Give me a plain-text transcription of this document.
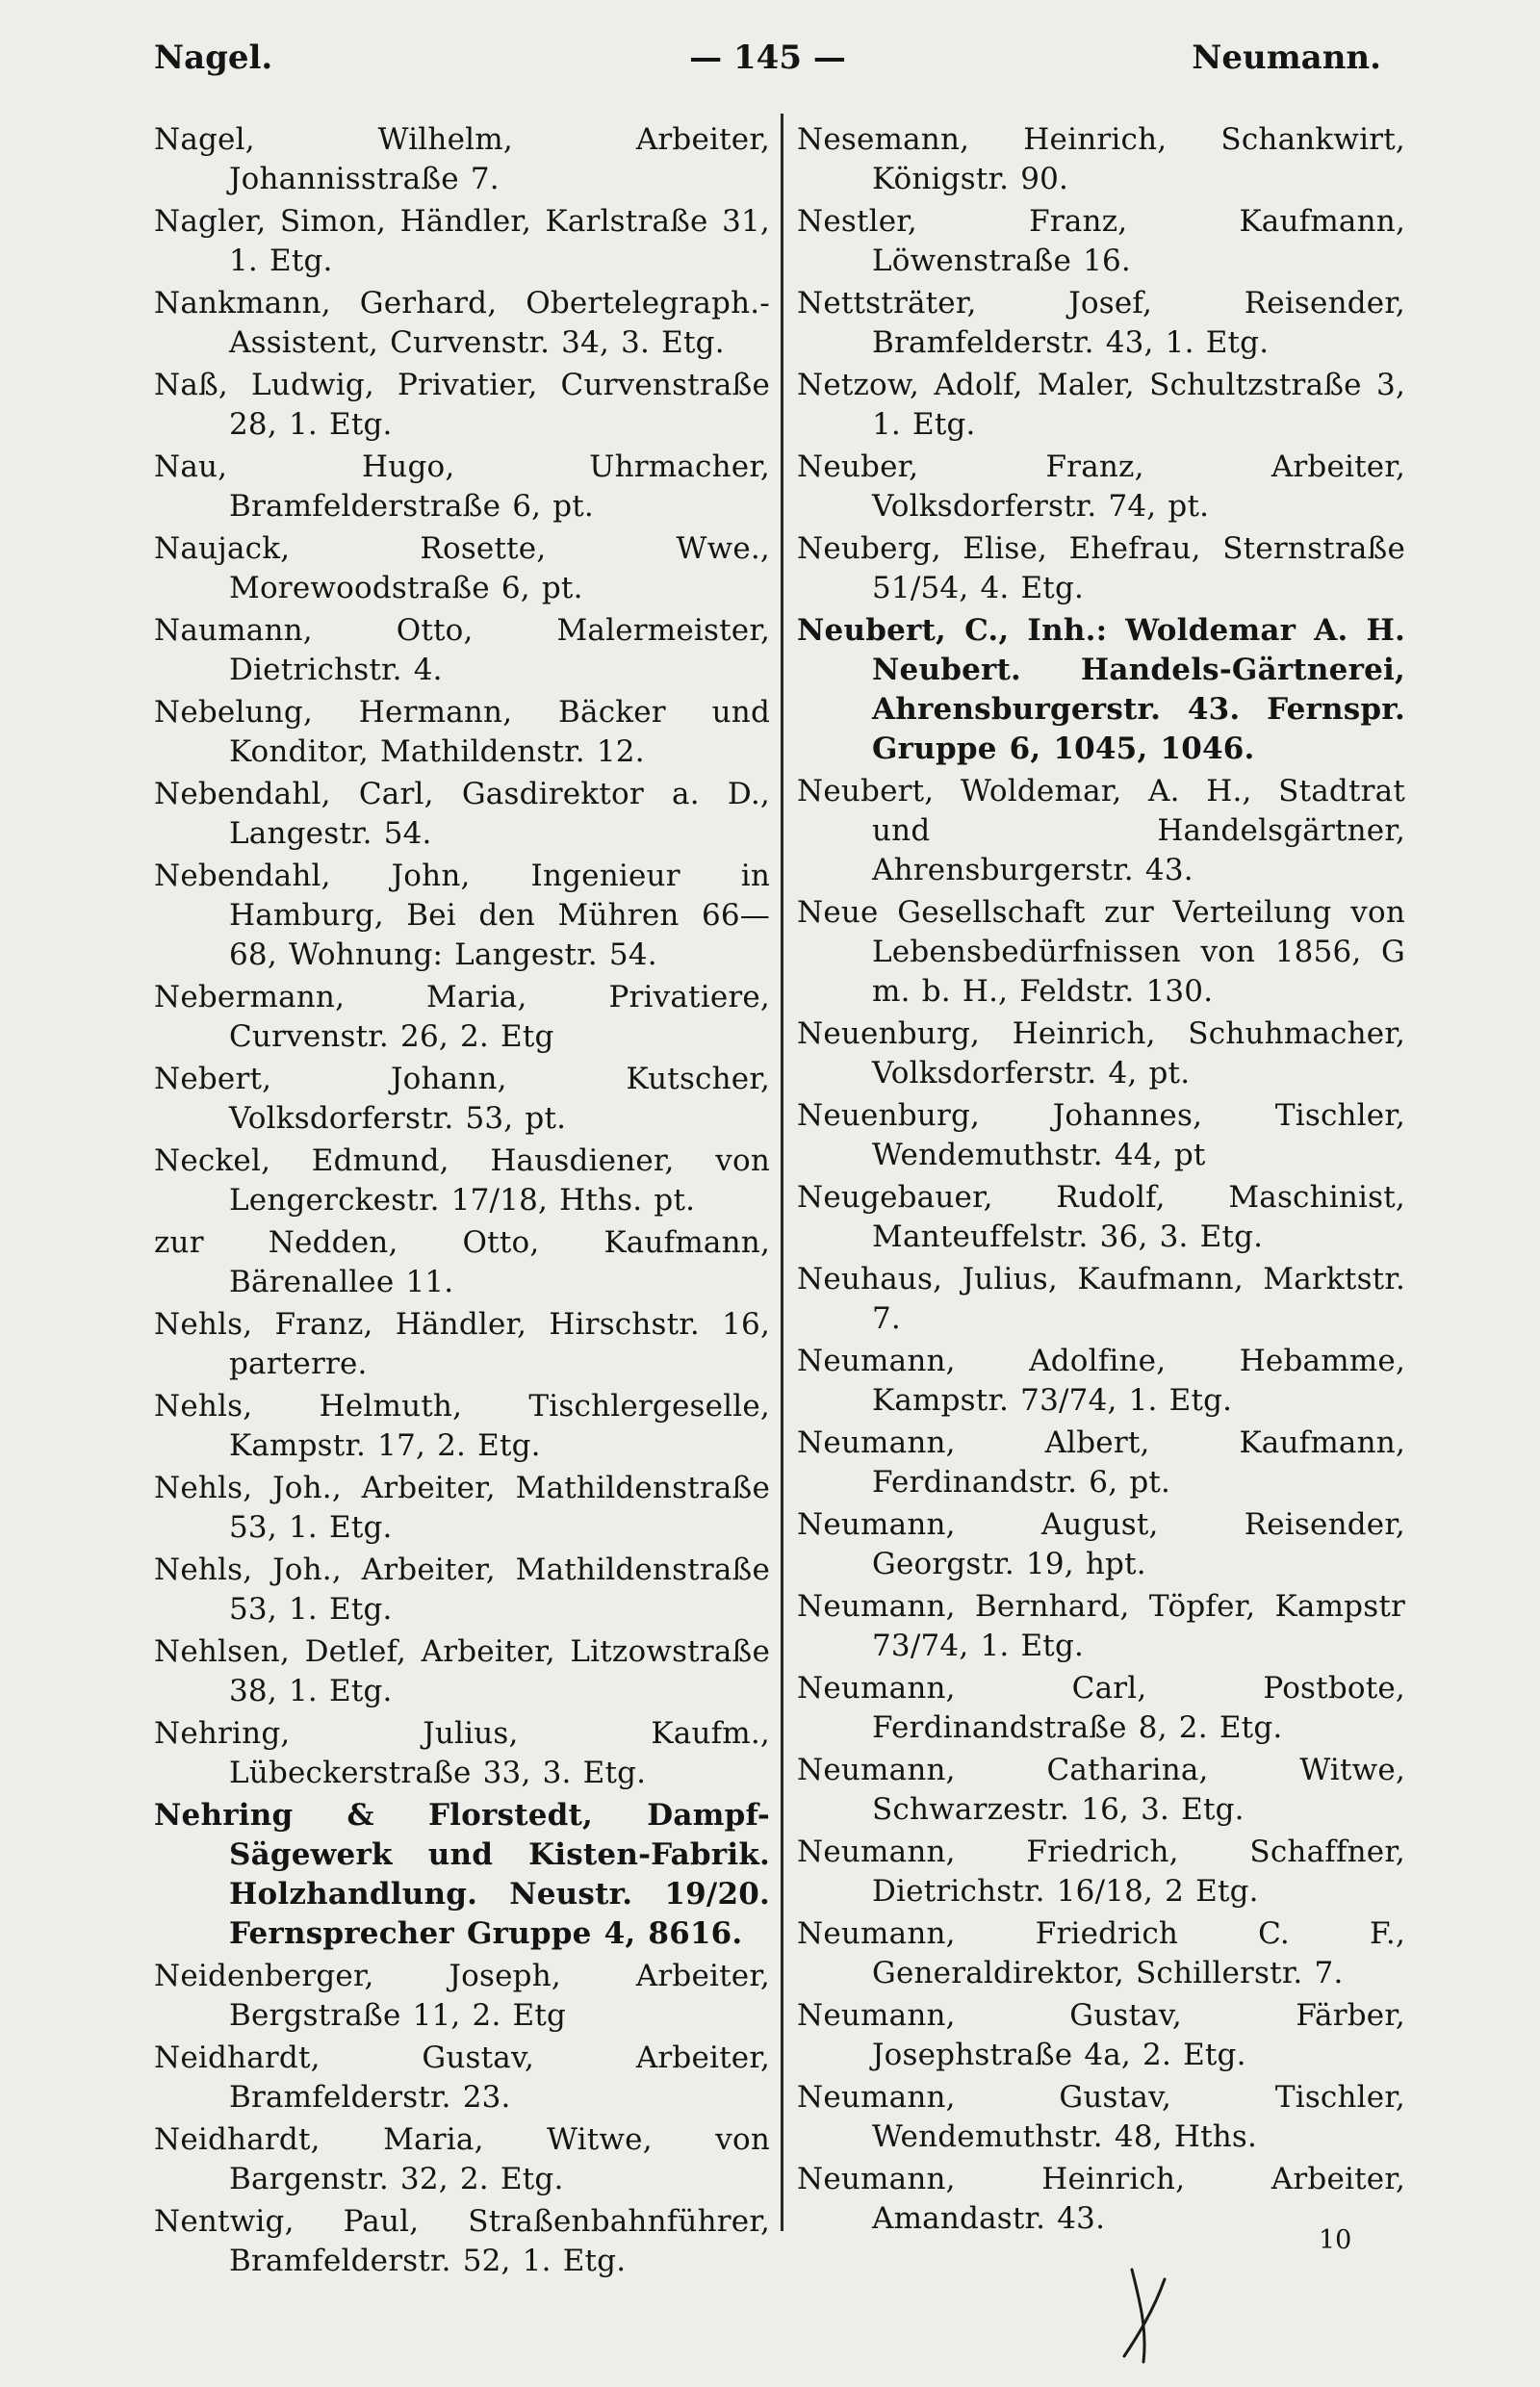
Nagel.	— 145 —	Neumann.

Nagel, Wilhelm, Arbeiter, Johannisstraße 7.

Nagler, Simon, Händler, Karlstraße 31, 1. Etg.

Nankmann, Gerhard, Obertelegraph.-Assistent, Curvenstr. 34, 3. Etg.

Naß, Ludwig, Privatier, Curvenstraße 28, 1. Etg.

Nau, Hugo, Uhrmacher, Bramfelderstraße 6, pt.

Naujack, Rosette, Wwe., Morewoodstraße 6, pt.

Naumann, Otto, Malermeister, Dietrichstr. 4.

Nebelung, Hermann, Bäcker und Konditor, Mathildenstr. 12.

Nebendahl, Carl, Gasdirektor a. D., Langestr. 54.

Nebendahl, John, Ingenieur in Hamburg, Bei den Mühren 66—68, Wohnung: Langestr. 54.

Nebermann, Maria, Privatiere, Curvenstr. 26, 2. Etg

Nebert, Johann, Kutscher, Volksdorferstr. 53, pt.

Neckel, Edmund, Hausdiener, von Lengerckestr. 17/18, Hths. pt.

zur Nedden, Otto, Kaufmann, Bärenallee 11.

Nehls, Franz, Händler, Hirschstr. 16, parterre.

Nehls, Helmuth, Tischlergeselle, Kampstr. 17, 2. Etg.

Nehls, Joh., Arbeiter, Mathildenstraße 53, 1. Etg.

Nehls, Joh., Arbeiter, Mathildenstraße 53, 1. Etg.

Nehlsen, Detlef, Arbeiter, Litzowstraße 38, 1. Etg.

Nehring, Julius, Kaufm., Lübeckerstraße 33, 3. Etg.

Nehring & Florstedt, Dampf-Sägewerk und Kisten-Fabrik. Holzhandlung. Neustr. 19/20. Fernsprecher Gruppe 4, 8616.

Neidenberger, Joseph, Arbeiter, Bergstraße 11, 2. Etg

Neidhardt, Gustav, Arbeiter, Bramfelderstr. 23.

Neidhardt, Maria, Witwe, von Bargenstr. 32, 2. Etg.

Nentwig, Paul, Straßenbahnführer, Bramfelderstr. 52, 1. Etg.

Nesemann, Heinrich, Schankwirt, Königstr. 90.

Nestler, Franz, Kaufmann, Löwenstraße 16.

Nettsträter, Josef, Reisender, Bramfelderstr. 43, 1. Etg.

Netzow, Adolf, Maler, Schultzstraße 3, 1. Etg.

Neuber, Franz, Arbeiter, Volksdorferstr. 74, pt.

Neuberg, Elise, Ehefrau, Sternstraße 51/54, 4. Etg.

Neubert, C., Inh.: Woldemar A. H. Neubert. Handels-Gärtnerei, Ahrensburgerstr. 43. Fernspr. Gruppe 6, 1045, 1046.

Neubert, Woldemar, A. H., Stadtrat und Handelsgärtner, Ahrensburgerstr. 43.

Neue Gesellschaft zur Verteilung von Lebensbedürfnissen von 1856, G m. b. H., Feldstr. 130.

Neuenburg, Heinrich, Schuhmacher, Volksdorferstr. 4, pt.

Neuenburg, Johannes, Tischler, Wendemuthstr. 44, pt

Neugebauer, Rudolf, Maschinist, Manteuffelstr. 36, 3. Etg.

Neuhaus, Julius, Kaufmann, Marktstr. 7.

Neumann, Adolfine, Hebamme, Kampstr. 73/74, 1. Etg.

Neumann, Albert, Kaufmann, Ferdinandstr. 6, pt.

Neumann, August, Reisender, Georgstr. 19, hpt.

Neumann, Bernhard, Töpfer, Kampstr 73/74, 1. Etg.

Neumann, Carl, Postbote, Ferdinandstraße 8, 2. Etg.

Neumann, Catharina, Witwe, Schwarzestr. 16, 3. Etg.

Neumann, Friedrich, Schaffner, Dietrichstr. 16/18, 2 Etg.

Neumann, Friedrich C. F., Generaldirektor, Schillerstr. 7.

Neumann, Gustav, Färber, Josephstraße 4a, 2. Etg.

Neumann, Gustav, Tischler, Wendemuthstr. 48, Hths.

Neumann, Heinrich, Arbeiter, Amandastr. 43.

10
